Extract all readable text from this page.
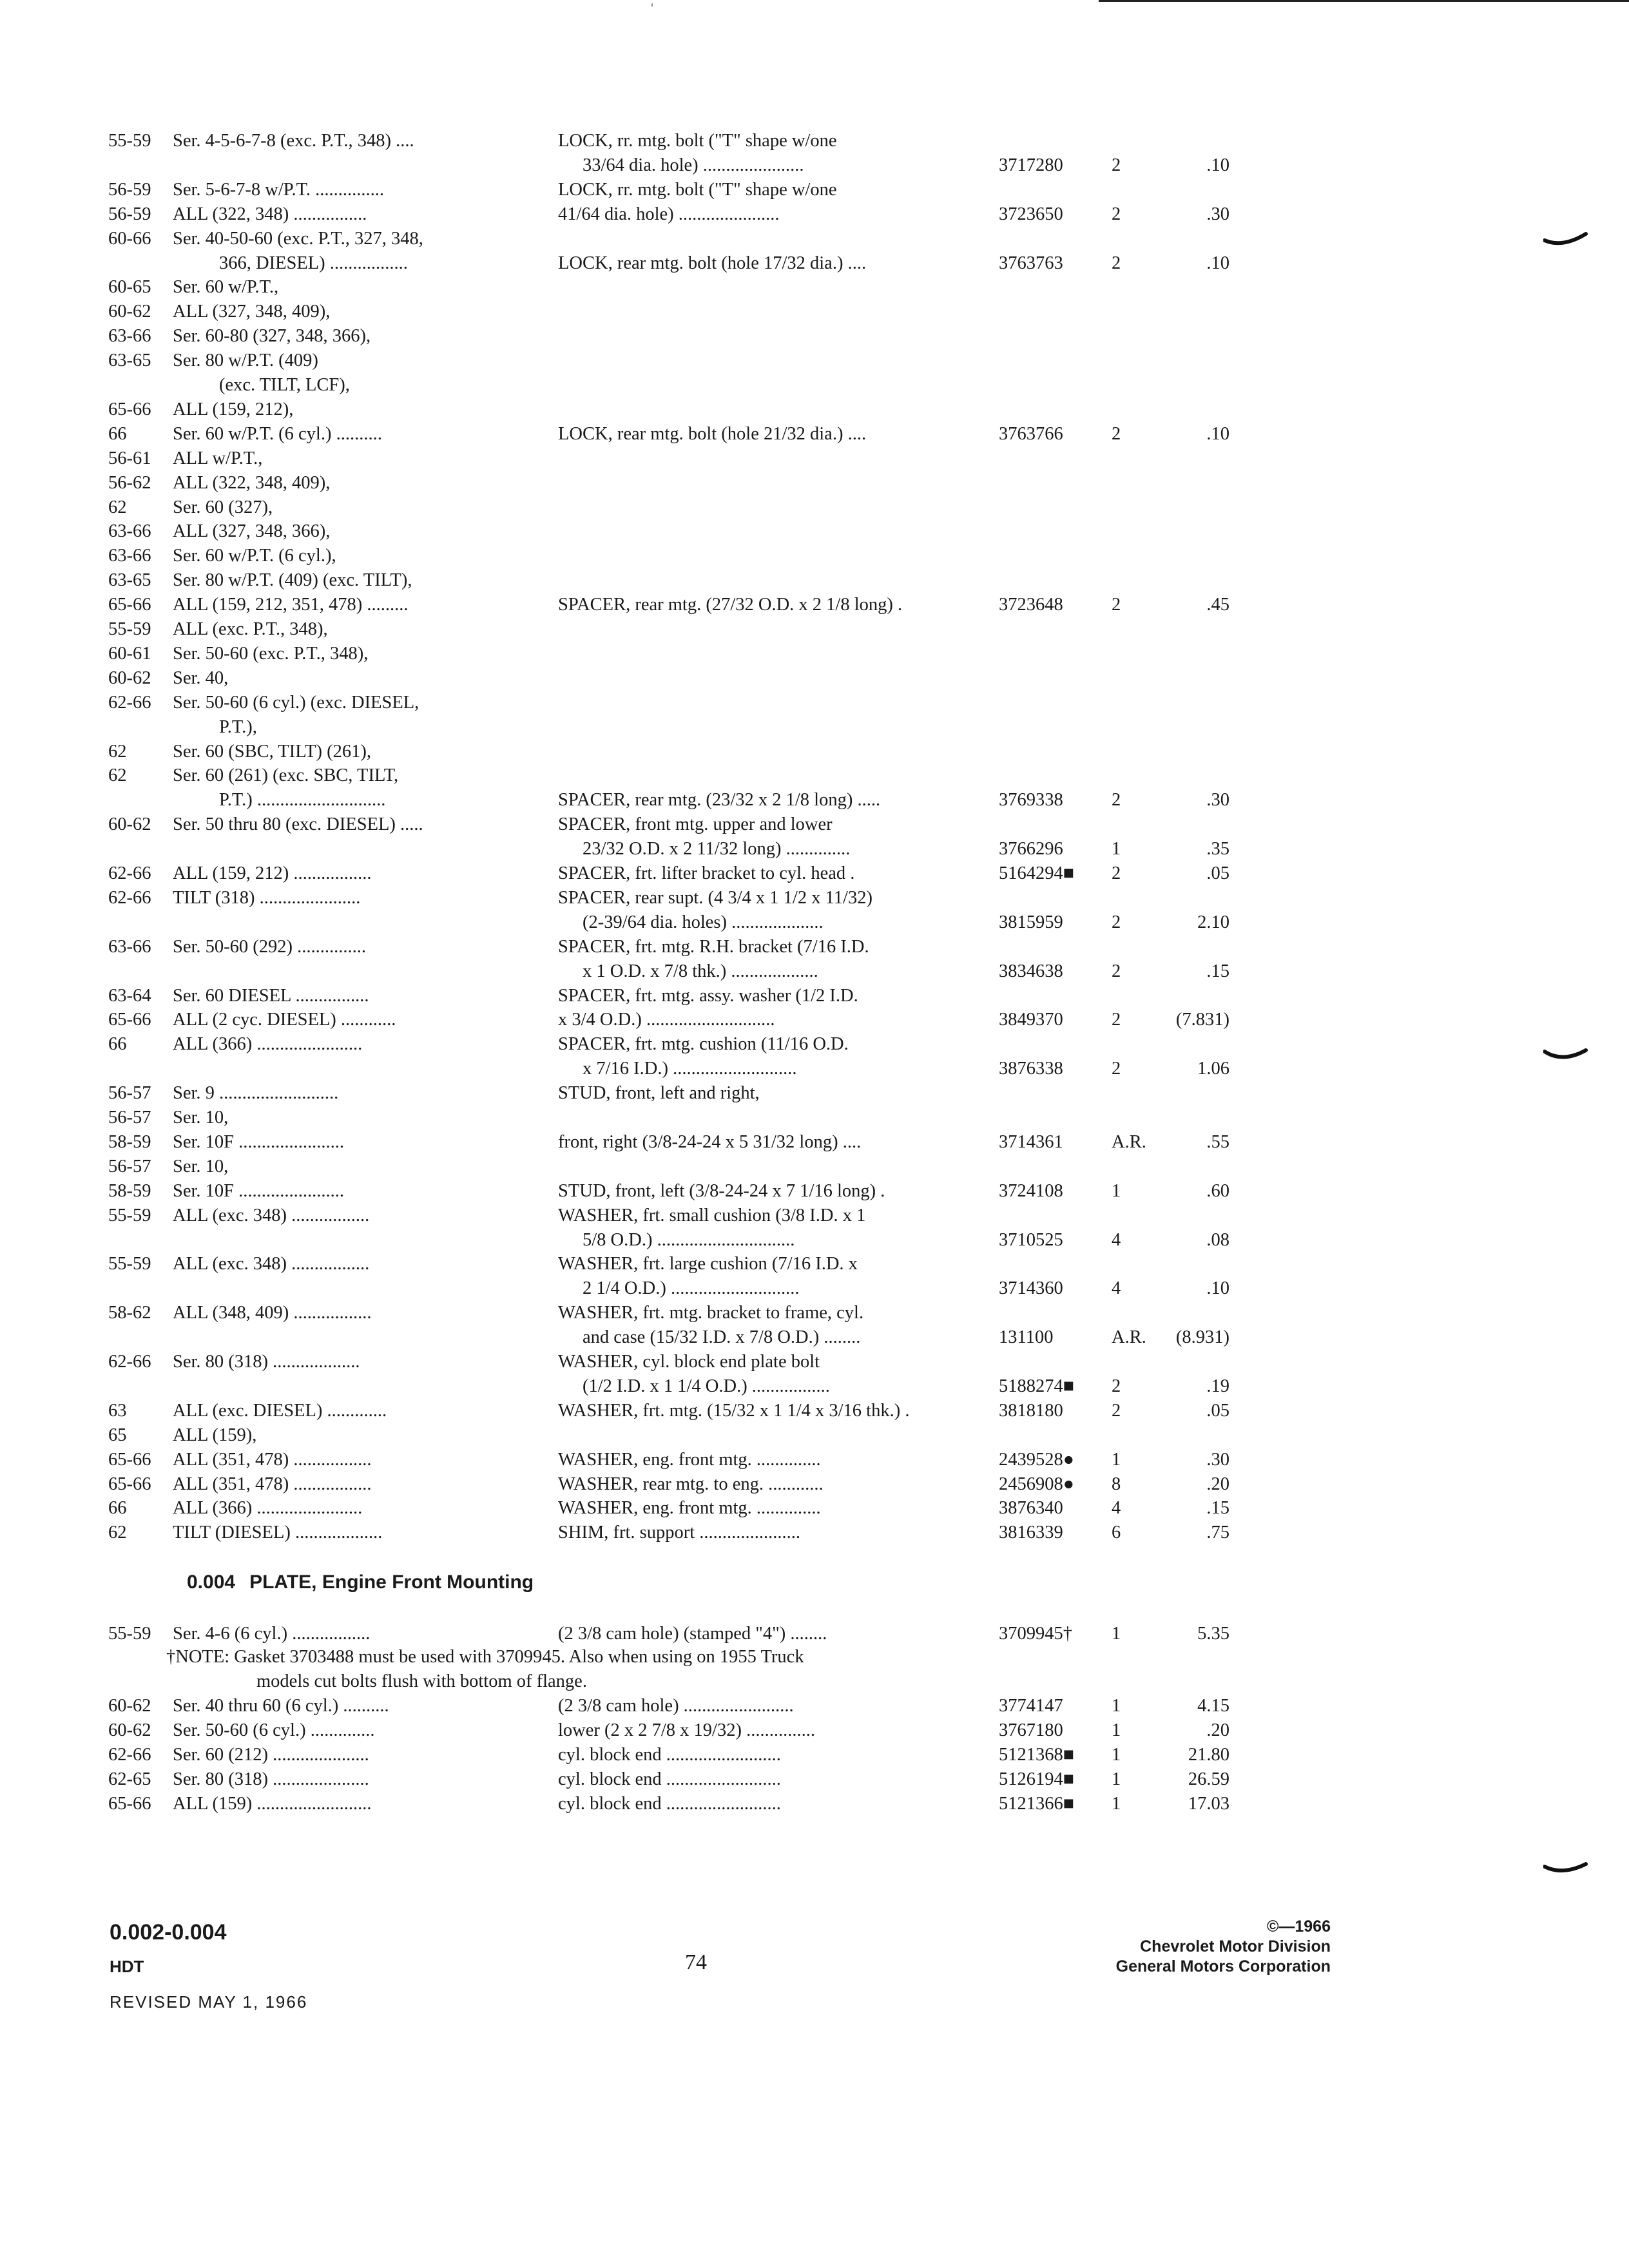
'
55-59 Ser. 4-5-6-7-8 (exc. P.T., 348) ....	LOCK, rr. mtg. bolt ("T" shape w/one
33/64 dia. hole) ......................	3717280	2	.10
56-59 Ser. 5-6-7-8 w/P.T. ...............	LOCK, rr. mtg. bolt ("T" shape w/one
56-59 ALL (322, 348) ................	41/64 dia. hole) ......................	3723650	2	.30
60-66 Ser. 40-50-60 (exc. P.T., 327, 348,
366, DIESEL) .................	LOCK, rear mtg. bolt (hole 17/32 dia.) ....	3763763	2	.10
60-65 Ser. 60 w/P.T.,
60-62 ALL (327, 348, 409),
63-66 Ser. 60-80 (327, 348, 366),
63-65 Ser. 80 w/P.T. (409)
(exc. TILT, LCF),
65-66 ALL (159, 212),
66	Ser. 60 w/P.T. (6 cyl.) ..........	LOCK, rear mtg. bolt (hole 21/32 dia.) ....	3763766	2	.10
56-61 ALL w/P.T.,
56-62 ALL (322, 348, 409),
62	Ser. 60 (327),
63-66 ALL (327, 348, 366),
63-66 Ser. 60 w/P.T. (6 cyl.),
63-65 Ser. 80 w/P.T. (409) (exc. TILT),
65-66 ALL (159, 212, 351, 478) .........	SPACER, rear mtg. (27/32 O.D. x 2 1/8 long) .	3723648	2	.45
55-59 ALL (exc. P.T., 348),
60-61 Ser. 50-60 (exc. P.T., 348),
60-62 Ser. 40,
62-66 Ser. 50-60 (6 cyl.) (exc. DIESEL,
P.T.),
62	Ser. 60 (SBC, TILT) (261),
62	Ser. 60 (261) (exc. SBC, TILT,
P.T.) ............................	SPACER, rear mtg. (23/32 x 2 1/8 long) .....	3769338	2	.30
60-62 Ser. 50 thru 80 (exc. DIESEL) .....	SPACER, front mtg. upper and lower
23/32 O.D. x 2 11/32 long) ..............	3766296	1	.35
62-66 ALL (159, 212) .................	SPACER, frt. lifter bracket to cyl. head .	5164294■ 2	.05
62-66 TILT (318) ......................	SPACER, rear supt. (4 3/4 x 1 1/2 x 11/32)
(2-39/64 dia. holes) ....................	3815959	2	2.10
63-66 Ser. 50-60 (292) ...............	SPACER, frt. mtg. R.H. bracket (7/16 I.D.
x 1 O.D. x 7/8 thk.) ...................	3834638	2	.15
63-64 Ser. 60 DIESEL ................	SPACER, frt. mtg. assy. washer (1/2 I.D.
65-66 ALL (2 cyc. DIESEL) ............	x 3/4 O.D.) ............................	3849370	2	(7.831)
66	ALL (366) .......................	SPACER, frt. mtg. cushion (11/16 O.D.
x 7/16 I.D.) ...........................	3876338	2	1.06
56-57 Ser. 9 ..........................	STUD, front, left and right,
56-57 Ser. 10,
58-59 Ser. 10F .......................	front, right (3/8-24-24 x 5 31/32 long) ....	3714361	A.R.	.55
56-57 Ser. 10,
58-59 Ser. 10F .......................	STUD, front, left (3/8-24-24 x 7 1/16 long) .	3724108	1	.60
55-59 ALL (exc. 348) .................	WASHER, frt. small cushion (3/8 I.D. x 1
5/8 O.D.) ..............................	3710525	4	.08
55-59 ALL (exc. 348) .................	WASHER, frt. large cushion (7/16 I.D. x
2 1/4 O.D.) ............................	3714360	4	.10
58-62 ALL (348, 409) .................	WASHER, frt. mtg. bracket to frame, cyl.
and case (15/32 I.D. x 7/8 O.D.) ........	131100	A.R.	(8.931)
62-66 Ser. 80 (318) ...................	WASHER, cyl. block end plate bolt
(1/2 I.D. x 1 1/4 O.D.) .................	5188274■ 2	.19
63	ALL (exc. DIESEL) .............	WASHER, frt. mtg. (15/32 x 1 1/4 x 3/16 thk.) .	3818180	2	.05
65	ALL (159),
65-66 ALL (351, 478) .................	WASHER, eng. front mtg. ..............	2439528● 1	.30
65-66 ALL (351, 478) .................	WASHER, rear mtg. to eng. ............	2456908● 8	.20
66	ALL (366) .......................	WASHER, eng. front mtg. ..............	3876340	4	.15
62	TILT (DIESEL) ...................	SHIM, frt. support ......................	3816339	6	.75
0.004 PLATE, Engine Front Mounting
55-59 Ser. 4-6 (6 cyl.) .................	(2 3/8 cam hole) (stamped "4") ........	3709945† 1	5.35
60-62 Ser. 40 thru 60 (6 cyl.) ..........	(2 3/8 cam hole) ........................	3774147	1	4.15
60-62 Ser. 50-60 (6 cyl.) ..............	lower (2 x 2 7/8 x 19/32) ...............	3767180	1	.20
62-66 Ser. 60 (212) .....................	cyl. block end .........................	5121368■ 1	21.80
62-65 Ser. 80 (318) .....................	cyl. block end .........................	5126194■ 1	26.59
65-66 ALL (159) .........................	cyl. block end .........................	5121366■ 1	17.03
†NOTE: Gasket 3703488 must be used with 3709945. Also when using on 1955 Truck
models cut bolts flush with bottom of flange.
0.002-0.004
HDT
REVISED MAY 1, 1966
74
©—1966
Chevrolet Motor Division
General Motors Corporation
